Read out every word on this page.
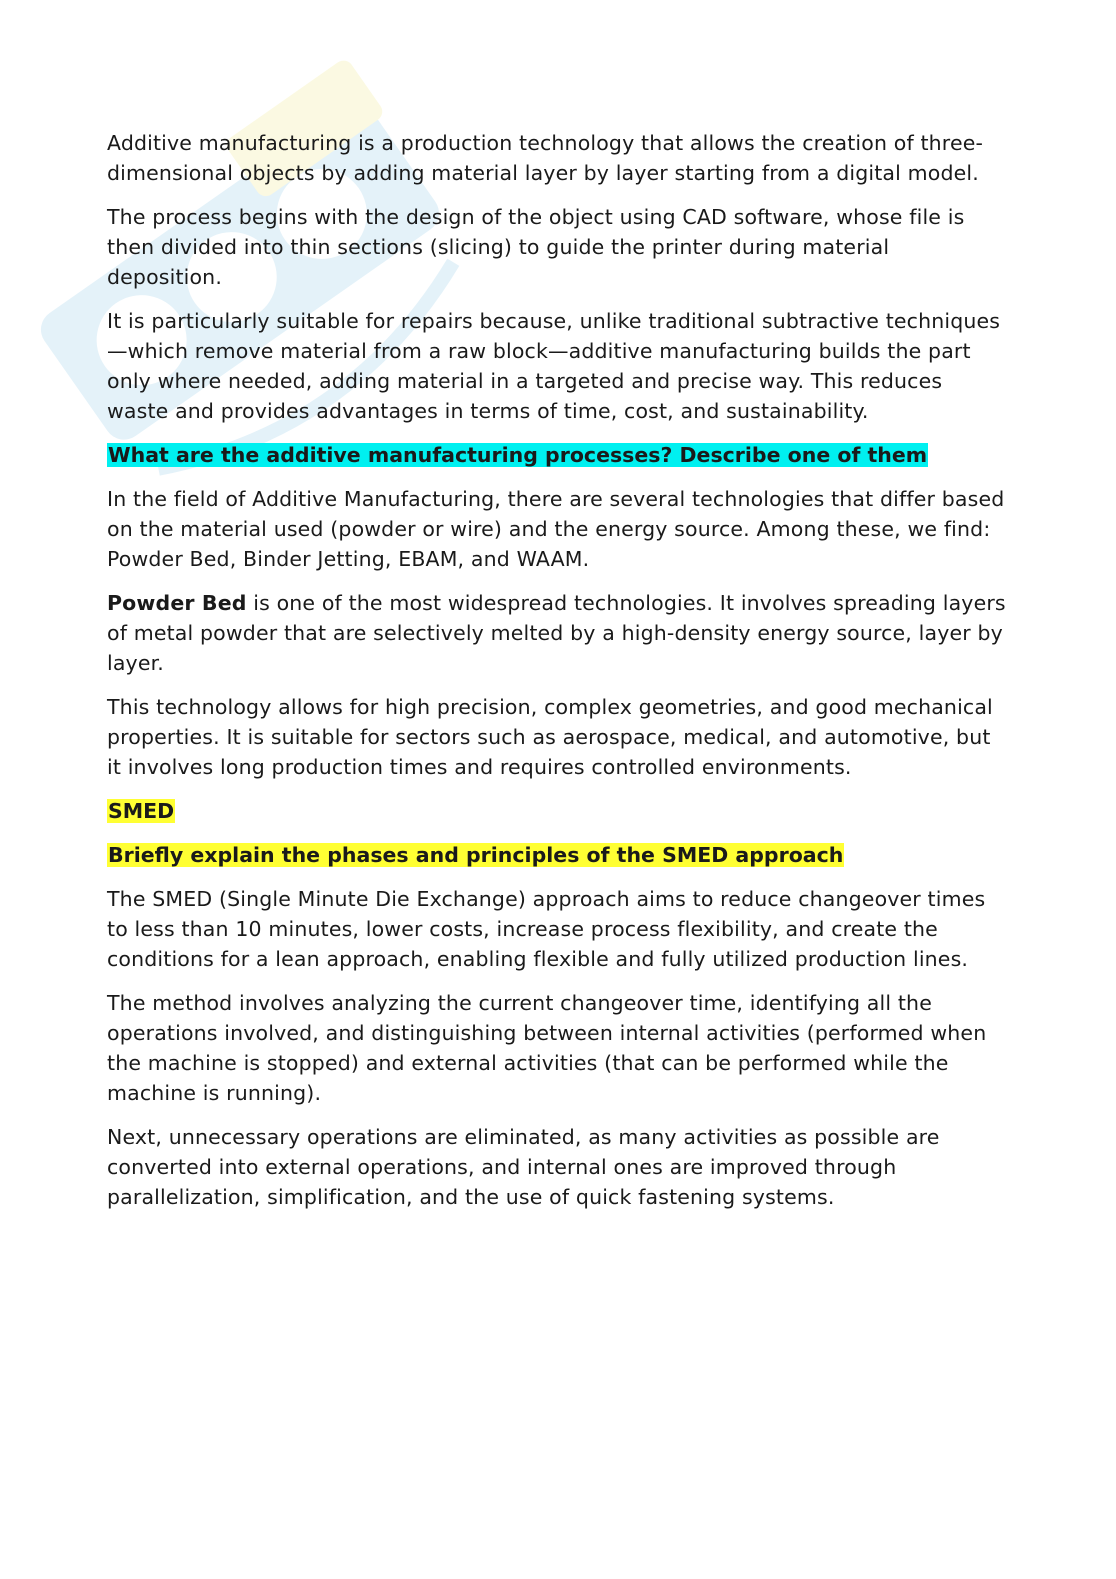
Additive manufacturing is a production technology that allows the creation of three-dimensional objects by adding material layer by layer starting from a digital model.

The process begins with the design of the object using CAD software, whose file is then divided into thin sections (slicing) to guide the printer during material deposition.

It is particularly suitable for repairs because, unlike traditional subtractive techniques—which remove material from a raw block—additive manufacturing builds the part only where needed, adding material in a targeted and precise way. This reduces waste and provides advantages in terms of time, cost, and sustainability.

What are the additive manufacturing processes? Describe one of them

In the field of Additive Manufacturing, there are several technologies that differ based on the material used (powder or wire) and the energy source. Among these, we find: Powder Bed, Binder Jetting, EBAM, and WAAM.

Powder Bed is one of the most widespread technologies. It involves spreading layers of metal powder that are selectively melted by a high-density energy source, layer by layer.

This technology allows for high precision, complex geometries, and good mechanical properties. It is suitable for sectors such as aerospace, medical, and automotive, but it involves long production times and requires controlled environments.

SMED
Briefly explain the phases and principles of the SMED approach

The SMED (Single Minute Die Exchange) approach aims to reduce changeover times to less than 10 minutes, lower costs, increase process flexibility, and create the conditions for a lean approach, enabling flexible and fully utilized production lines.

The method involves analyzing the current changeover time, identifying all the operations involved, and distinguishing between internal activities (performed when the machine is stopped) and external activities (that can be performed while the machine is running).

Next, unnecessary operations are eliminated, as many activities as possible are converted into external operations, and internal ones are improved through parallelization, simplification, and the use of quick fastening systems.
